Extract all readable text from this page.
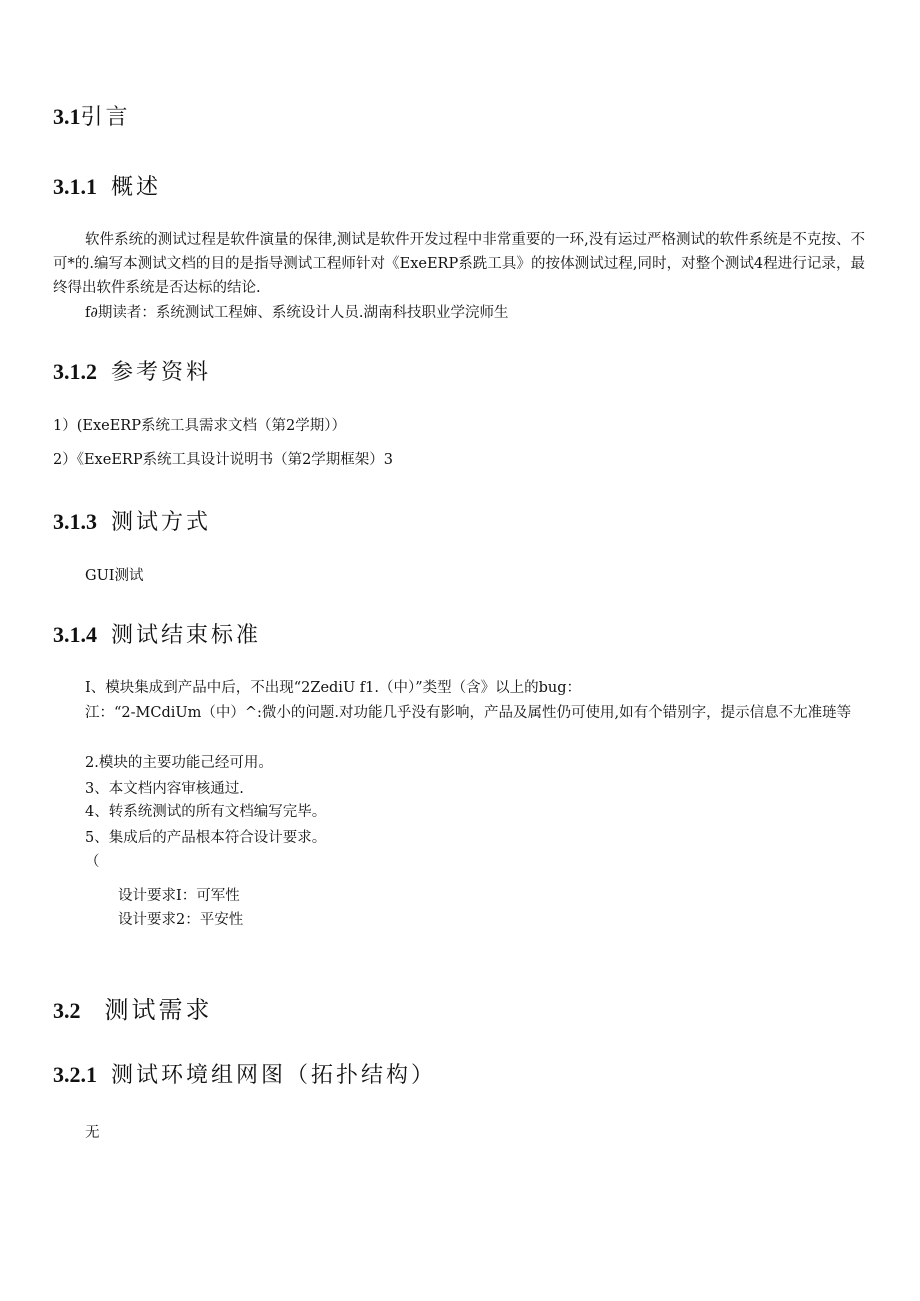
3.1引言
3.1.1 概述
软件系统的测试过程是软件演量的保律,测试是软件开发过程中非常重要的一环,没有运过严格测试的软件系统是不克按、不可*的.编写本测试文档的目的是指导测试工程师针对《ExeERP系跣工具》的按体测试过程,同时，对整个测试4程进行记录，最终得出软件系统是否达标的结论.
f∂期读者：系统测试工程婶、系统设计人员.湖南科技职业学浣师生
3.1.2 参考资料
1）(ExeERP系统工具需求文档（第2学期））
2）《ExeERP系统工具设计说明书（第2学期框架）3
3.1.3 测试方式
GUI测试
3.1.4 测试结束标准
I、模块集成到产品中后，不出现“2ZediU f1.（中）”类型（含》以上的bug：
江：“2-MCdiUm（中）^:微小的问题.对功能几乎没有影响，产品及属性仍可使用,如有个错别字，提示信息不尢准琏等
2.模块的主要功能己经可用。
3、本文档内容审核通过.
4、转系统测试的所有文档编写完毕。
5、集成后的产品根本符合设计要求。
（
设计要求I：可军性
设计要求2：平安性
3.2 测试需求
3.2.1 测试环境组网图（拓扑结构）
无
